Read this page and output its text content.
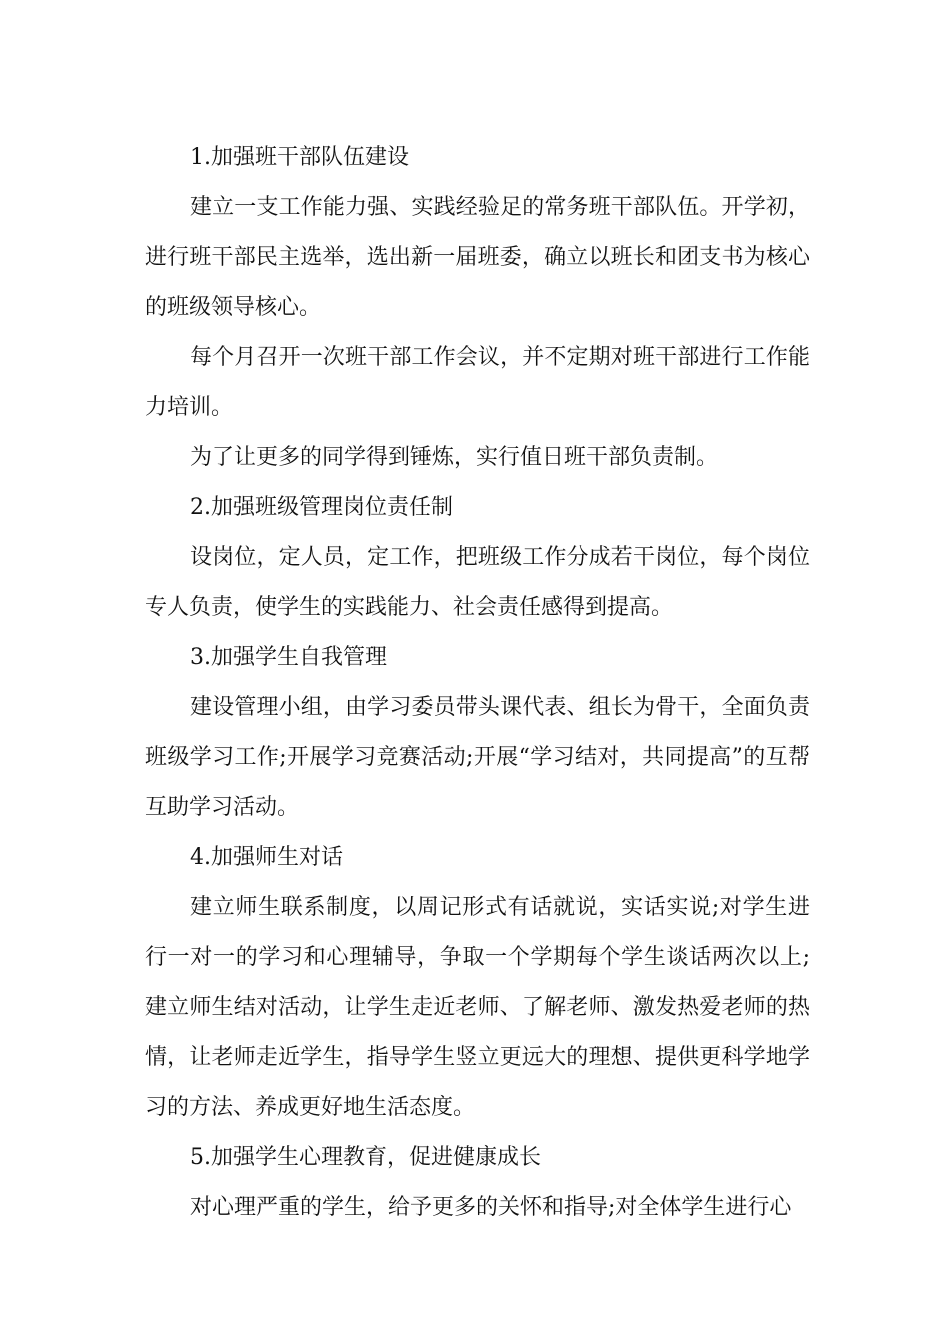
1.加强班干部队伍建设

建立一支工作能力强、实践经验足的常务班干部队伍。开学初，进行班干部民主选举，选出新一届班委，确立以班长和团支书为核心的班级领导核心。

每个月召开一次班干部工作会议，并不定期对班干部进行工作能力培训。

为了让更多的同学得到锤炼，实行值日班干部负责制。

2.加强班级管理岗位责任制

设岗位，定人员，定工作，把班级工作分成若干岗位，每个岗位专人负责，使学生的实践能力、社会责任感得到提高。

3.加强学生自我管理

建设管理小组，由学习委员带头课代表、组长为骨干，全面负责班级学习工作;开展学习竞赛活动;开展“学习结对，共同提高”的互帮互助学习活动。

4.加强师生对话

建立师生联系制度，以周记形式有话就说，实话实说;对学生进行一对一的学习和心理辅导，争取一个学期每个学生谈话两次以上;建立师生结对活动，让学生走近老师、了解老师、激发热爱老师的热情，让老师走近学生，指导学生竖立更远大的理想、提供更科学地学习的方法、养成更好地生活态度。

5.加强学生心理教育，促进健康成长

对心理严重的学生，给予更多的关怀和指导;对全体学生进行心
